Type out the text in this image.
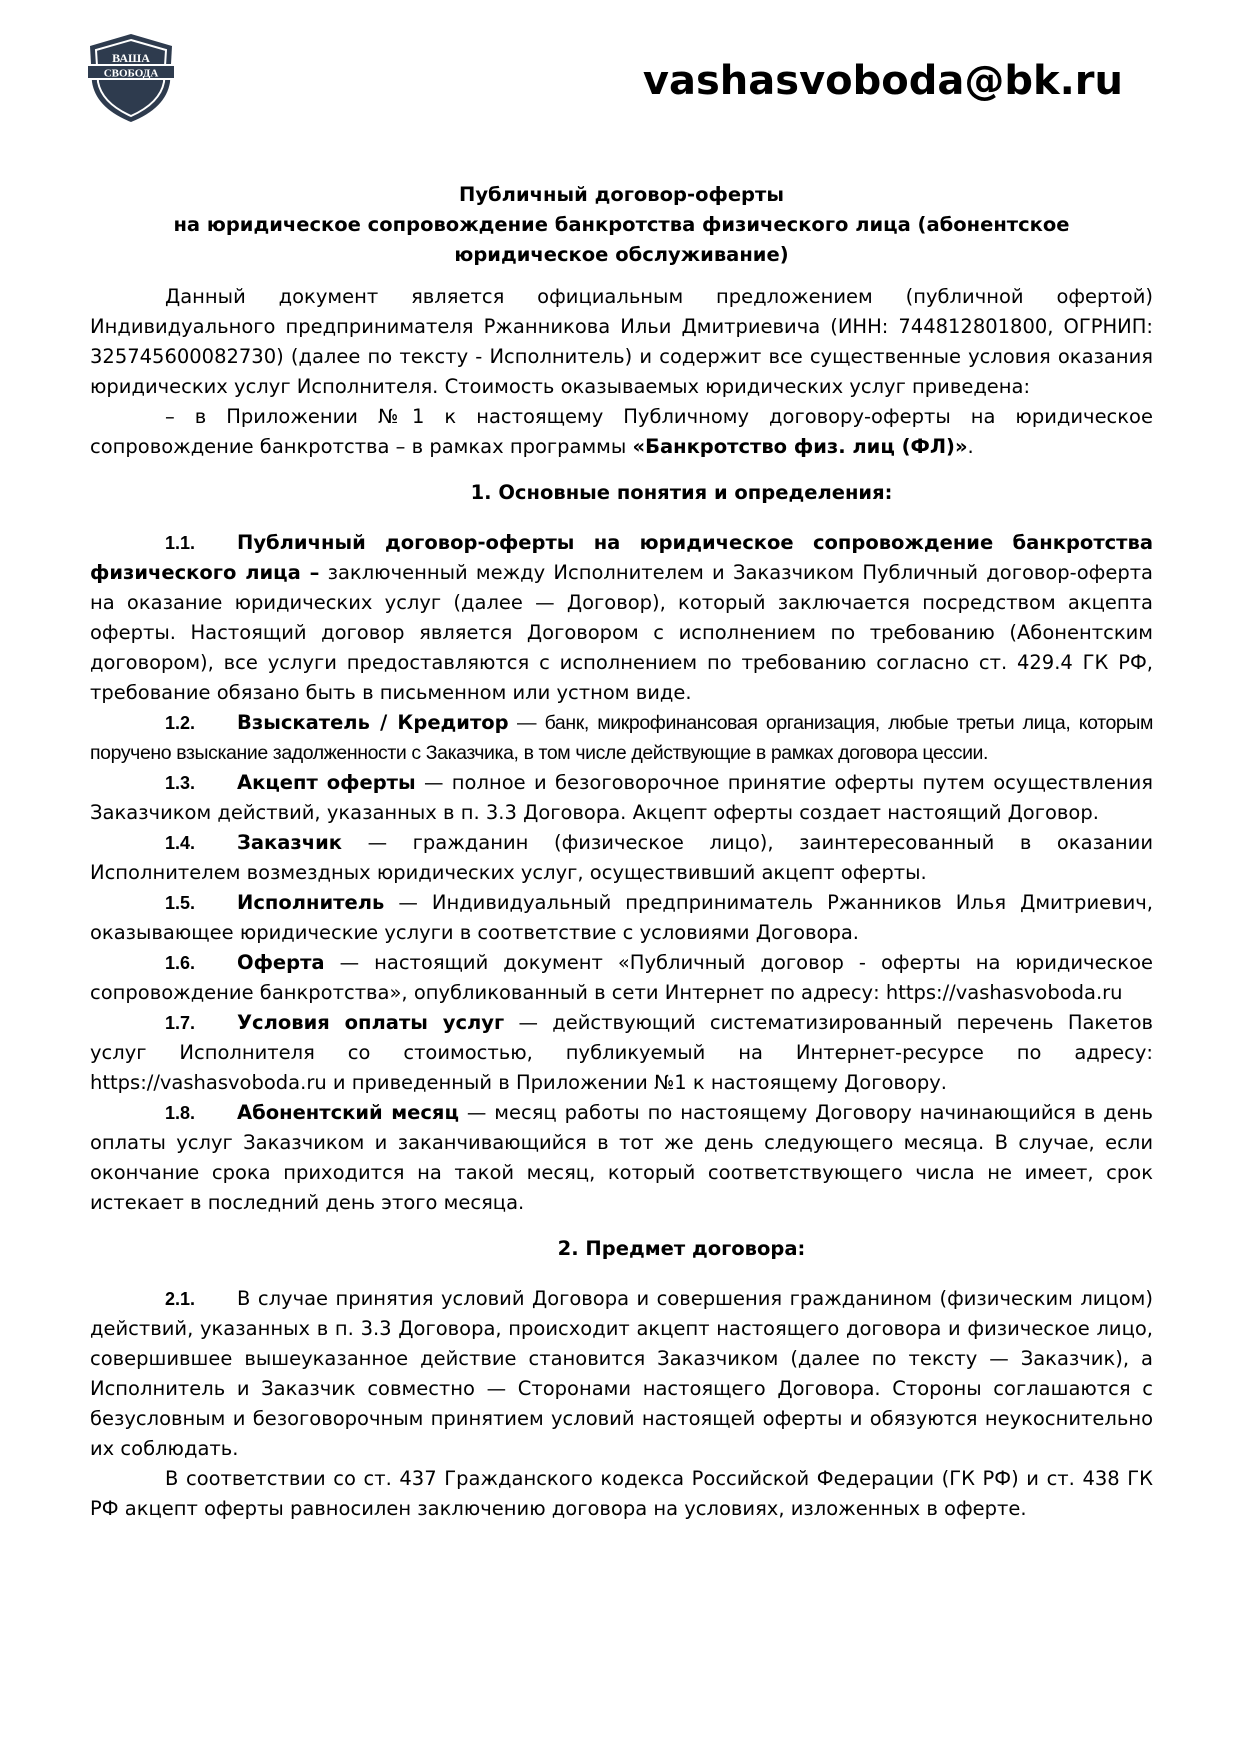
ВАША
СВОБОДА	vashasvoboda@bk.ru
Публичный договор-оферты
на юридическое сопровождение банкротства физического лица (абонентское
юридическое обслуживание)

Данный документ является официальным предложением (публичной офертой) Индивидуального предпринимателя Ржанникова Ильи Дмитриевича (ИНН: 744812801800, ОГРНИП: 325745600082730) (далее по тексту - Исполнитель) и содержит все существенные условия оказания юридических услуг Исполнителя. Стоимость оказываемых юридических услуг приведена:

– в Приложении №1 к настоящему Публичному договору-оферты на юридическое сопровождение банкротства – в рамках программы «Банкротство физ. лиц (ФЛ)».

1. Основные понятия и определения:

1.1. Публичный договор-оферты на юридическое сопровождение банкротства физического лица – заключенный между Исполнителем и Заказчиком Публичный договор-оферта на оказание юридических услуг (далее — Договор), который заключается посредством акцепта оферты. Настоящий договор является Договором с исполнением по требованию (Абонентским договором), все услуги предоставляются с исполнением по требованию согласно ст. 429.4 ГК РФ, требование обязано быть в письменном или устном виде.

1.2. Взыскатель / Кредитор — банк, микрофинансовая организация, любые третьи лица, которым поручено взыскание задолженности с Заказчика, в том числе действующие в рамках договора цессии.

1.3. Акцепт оферты — полное и безоговорочное принятие оферты путем осуществления Заказчиком действий, указанных в п. 3.3 Договора. Акцепт оферты создает настоящий Договор.

1.4. Заказчик — гражданин (физическое лицо), заинтересованный в оказании Исполнителем возмездных юридических услуг, осуществивший акцепт оферты.

1.5. Исполнитель — Индивидуальный предприниматель Ржанников Илья Дмитриевич, оказывающее юридические услуги в соответствие с условиями Договора.

1.6. Оферта — настоящий документ «Публичный договор - оферты на юридическое сопровождение банкротства», опубликованный в сети Интернет по адресу: https://vashasvoboda.ru

1.7. Условия оплаты услуг — действующий систематизированный перечень Пакетов услуг Исполнителя со стоимостью, публикуемый на Интернет-ресурсе по адресу: https://vashasvoboda.ru и приведенный в Приложении №1 к настоящему Договору.

1.8. Абонентский месяц — месяц работы по настоящему Договору начинающийся в день оплаты услуг Заказчиком и заканчивающийся в тот же день следующего месяца. В случае, если окончание срока приходится на такой месяц, который соответствующего числа не имеет, срок истекает в последний день этого месяца.

2. Предмет договора:

2.1. В случае принятия условий Договора и совершения гражданином (физическим лицом) действий, указанных в п. 3.3 Договора, происходит акцепт настоящего договора и физическое лицо, совершившее вышеуказанное действие становится Заказчиком (далее по тексту — Заказчик), а Исполнитель и Заказчик совместно — Сторонами настоящего Договора. Стороны соглашаются с безусловным и безоговорочным принятием условий настоящей оферты и обязуются неукоснительно их соблюдать.

В соответствии со ст. 437 Гражданского кодекса Российской Федерации (ГК РФ) и ст. 438 ГК РФ акцепт оферты равносилен заключению договора на условиях, изложенных в оферте.
